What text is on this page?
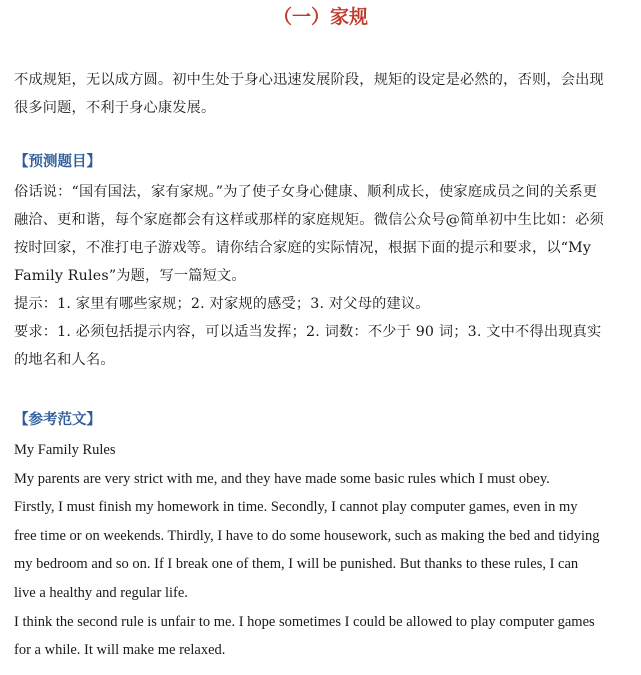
（一）家规
不成规矩，无以成方圆。初中生处于身心迅速发展阶段，规矩的设定是必然的，否则，会出现
很多问题，不利于身心康发展。
【预测题目】
俗话说：“国有国法，家有家规。”为了使子女身心健康、顺利成长，使家庭成员之间的关系更
融洽、更和谐，每个家庭都会有这样或那样的家庭规矩。微信公众号@简单初中生比如：必须
按时回家，不准打电子游戏等。请你结合家庭的实际情况，根据下面的提示和要求，以“My
Family Rules”为题，写一篇短文。
提示：1. 家里有哪些家规；2. 对家规的感受；3. 对父母的建议。
要求：1. 必须包括提示内容，可以适当发挥；2. 词数：不少于 90 词；3. 文中不得出现真实
的地名和人名。
【参考范文】
My Family Rules
My parents are very strict with me, and they have made some basic rules which I must obey.
Firstly, I must finish my homework in time. Secondly, I cannot play computer games, even in my
free time or on weekends. Thirdly, I have to do some housework, such as making the bed and tidying
my bedroom and so on. If I break one of them, I will be punished. But thanks to these rules, I can
live a healthy and regular life.
I think the second rule is unfair to me. I hope sometimes I could be allowed to play computer games
for a while. It will make me relaxed.
